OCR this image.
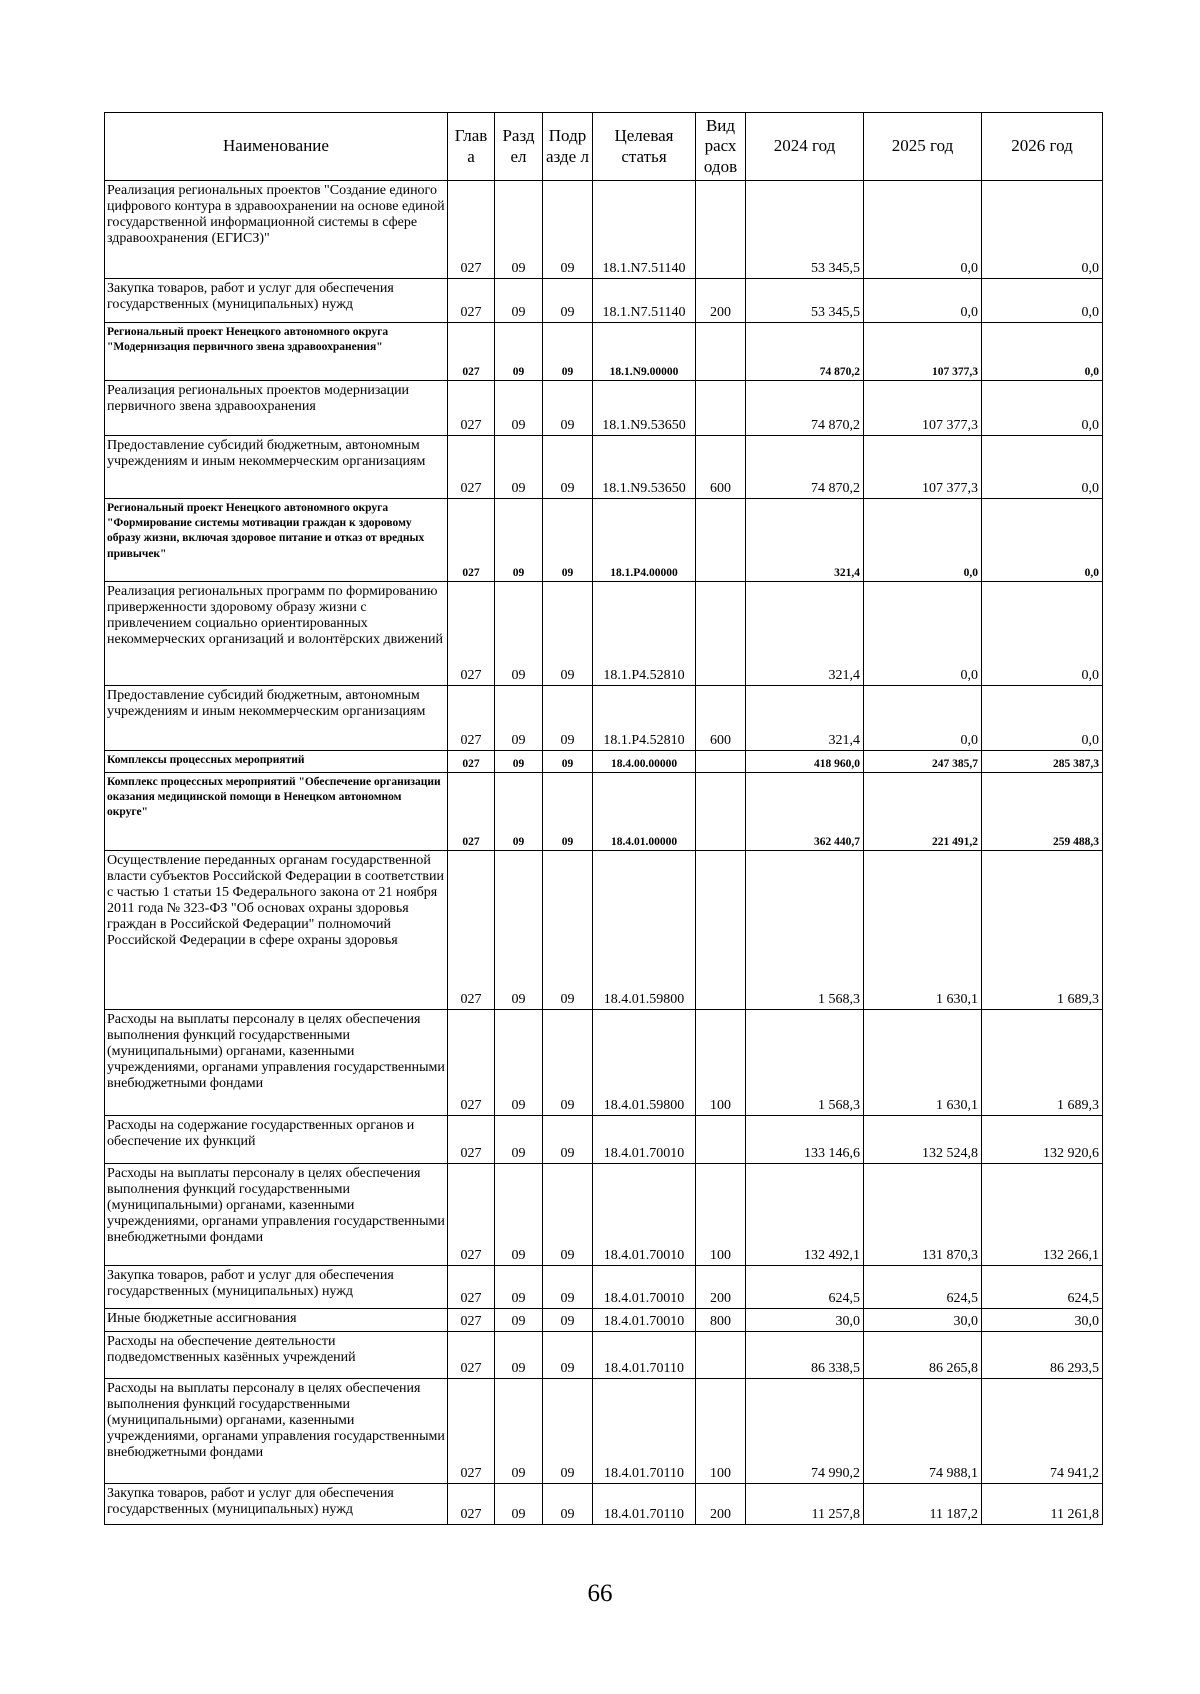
Наименование	Глав а	Разд ел	Подр азде л	Целевая статья	Вид расх одов	2024 год	2025 год	2026 год
Реализация региональных проектов "Создание единого цифрового контура в здравоохранении на основе единой государственной информационной системы в сфере здравоохранения (ЕГИСЗ)"	027	09	09	18.1.N7.51140		53 345,5	0,0	0,0
Закупка товаров, работ и услуг для обеспечения государственных (муниципальных) нужд	027	09	09	18.1.N7.51140	200	53 345,5	0,0	0,0
Региональный проект Ненецкого автономного округа "Модернизация первичного звена здравоохранения"	027	09	09	18.1.N9.00000		74 870,2	107 377,3	0,0
Реализация региональных проектов модернизации первичного звена здравоохранения	027	09	09	18.1.N9.53650		74 870,2	107 377,3	0,0
Предоставление субсидий бюджетным, автономным учреждениям и иным некоммерческим организациям	027	09	09	18.1.N9.53650	600	74 870,2	107 377,3	0,0
Региональный проект Ненецкого автономного округа "Формирование системы мотивации граждан к здоровому образу жизни, включая здоровое питание и отказ от вредных привычек"	027	09	09	18.1.P4.00000		321,4	0,0	0,0
Реализация региональных программ по формированию приверженности здоровому образу жизни с привлечением социально ориентированных некоммерческих организаций и волонтёрских движений	027	09	09	18.1.P4.52810		321,4	0,0	0,0
Предоставление субсидий бюджетным, автономным учреждениям и иным некоммерческим организациям	027	09	09	18.1.P4.52810	600	321,4	0,0	0,0
Комплексы процессных мероприятий	027	09	09	18.4.00.00000		418 960,0	247 385,7	285 387,3
Комплекс процессных мероприятий "Обеспечение организации оказания медицинской помощи в Ненецком автономном округе"	027	09	09	18.4.01.00000		362 440,7	221 491,2	259 488,3
Осуществление переданных органам государственной власти субъектов Российской Федерации в соответствии с частью 1 статьи 15 Федерального закона от 21 ноября 2011 года № 323-ФЗ "Об основах охраны здоровья граждан в Российской Федерации" полномочий Российской Федерации в сфере охраны здоровья	027	09	09	18.4.01.59800		1 568,3	1 630,1	1 689,3
Расходы на выплаты персоналу в целях обеспечения выполнения функций государственными (муниципальными) органами, казенными учреждениями, органами управления государственными внебюджетными фондами	027	09	09	18.4.01.59800	100	1 568,3	1 630,1	1 689,3
Расходы на содержание государственных органов и обеспечение их функций	027	09	09	18.4.01.70010		133 146,6	132 524,8	132 920,6
Расходы на выплаты персоналу в целях обеспечения выполнения функций государственными (муниципальными) органами, казенными учреждениями, органами управления государственными внебюджетными фондами	027	09	09	18.4.01.70010	100	132 492,1	131 870,3	132 266,1
Закупка товаров, работ и услуг для обеспечения государственных (муниципальных) нужд	027	09	09	18.4.01.70010	200	624,5	624,5	624,5
Иные бюджетные ассигнования	027	09	09	18.4.01.70010	800	30,0	30,0	30,0
Расходы на обеспечение деятельности подведомственных казённых учреждений	027	09	09	18.4.01.70110		86 338,5	86 265,8	86 293,5
Расходы на выплаты персоналу в целях обеспечения выполнения функций государственными (муниципальными) органами, казенными учреждениями, органами управления государственными внебюджетными фондами	027	09	09	18.4.01.70110	100	74 990,2	74 988,1	74 941,2
Закупка товаров, работ и услуг для обеспечения государственных (муниципальных) нужд	027	09	09	18.4.01.70110	200	11 257,8	11 187,2	11 261,8
66
